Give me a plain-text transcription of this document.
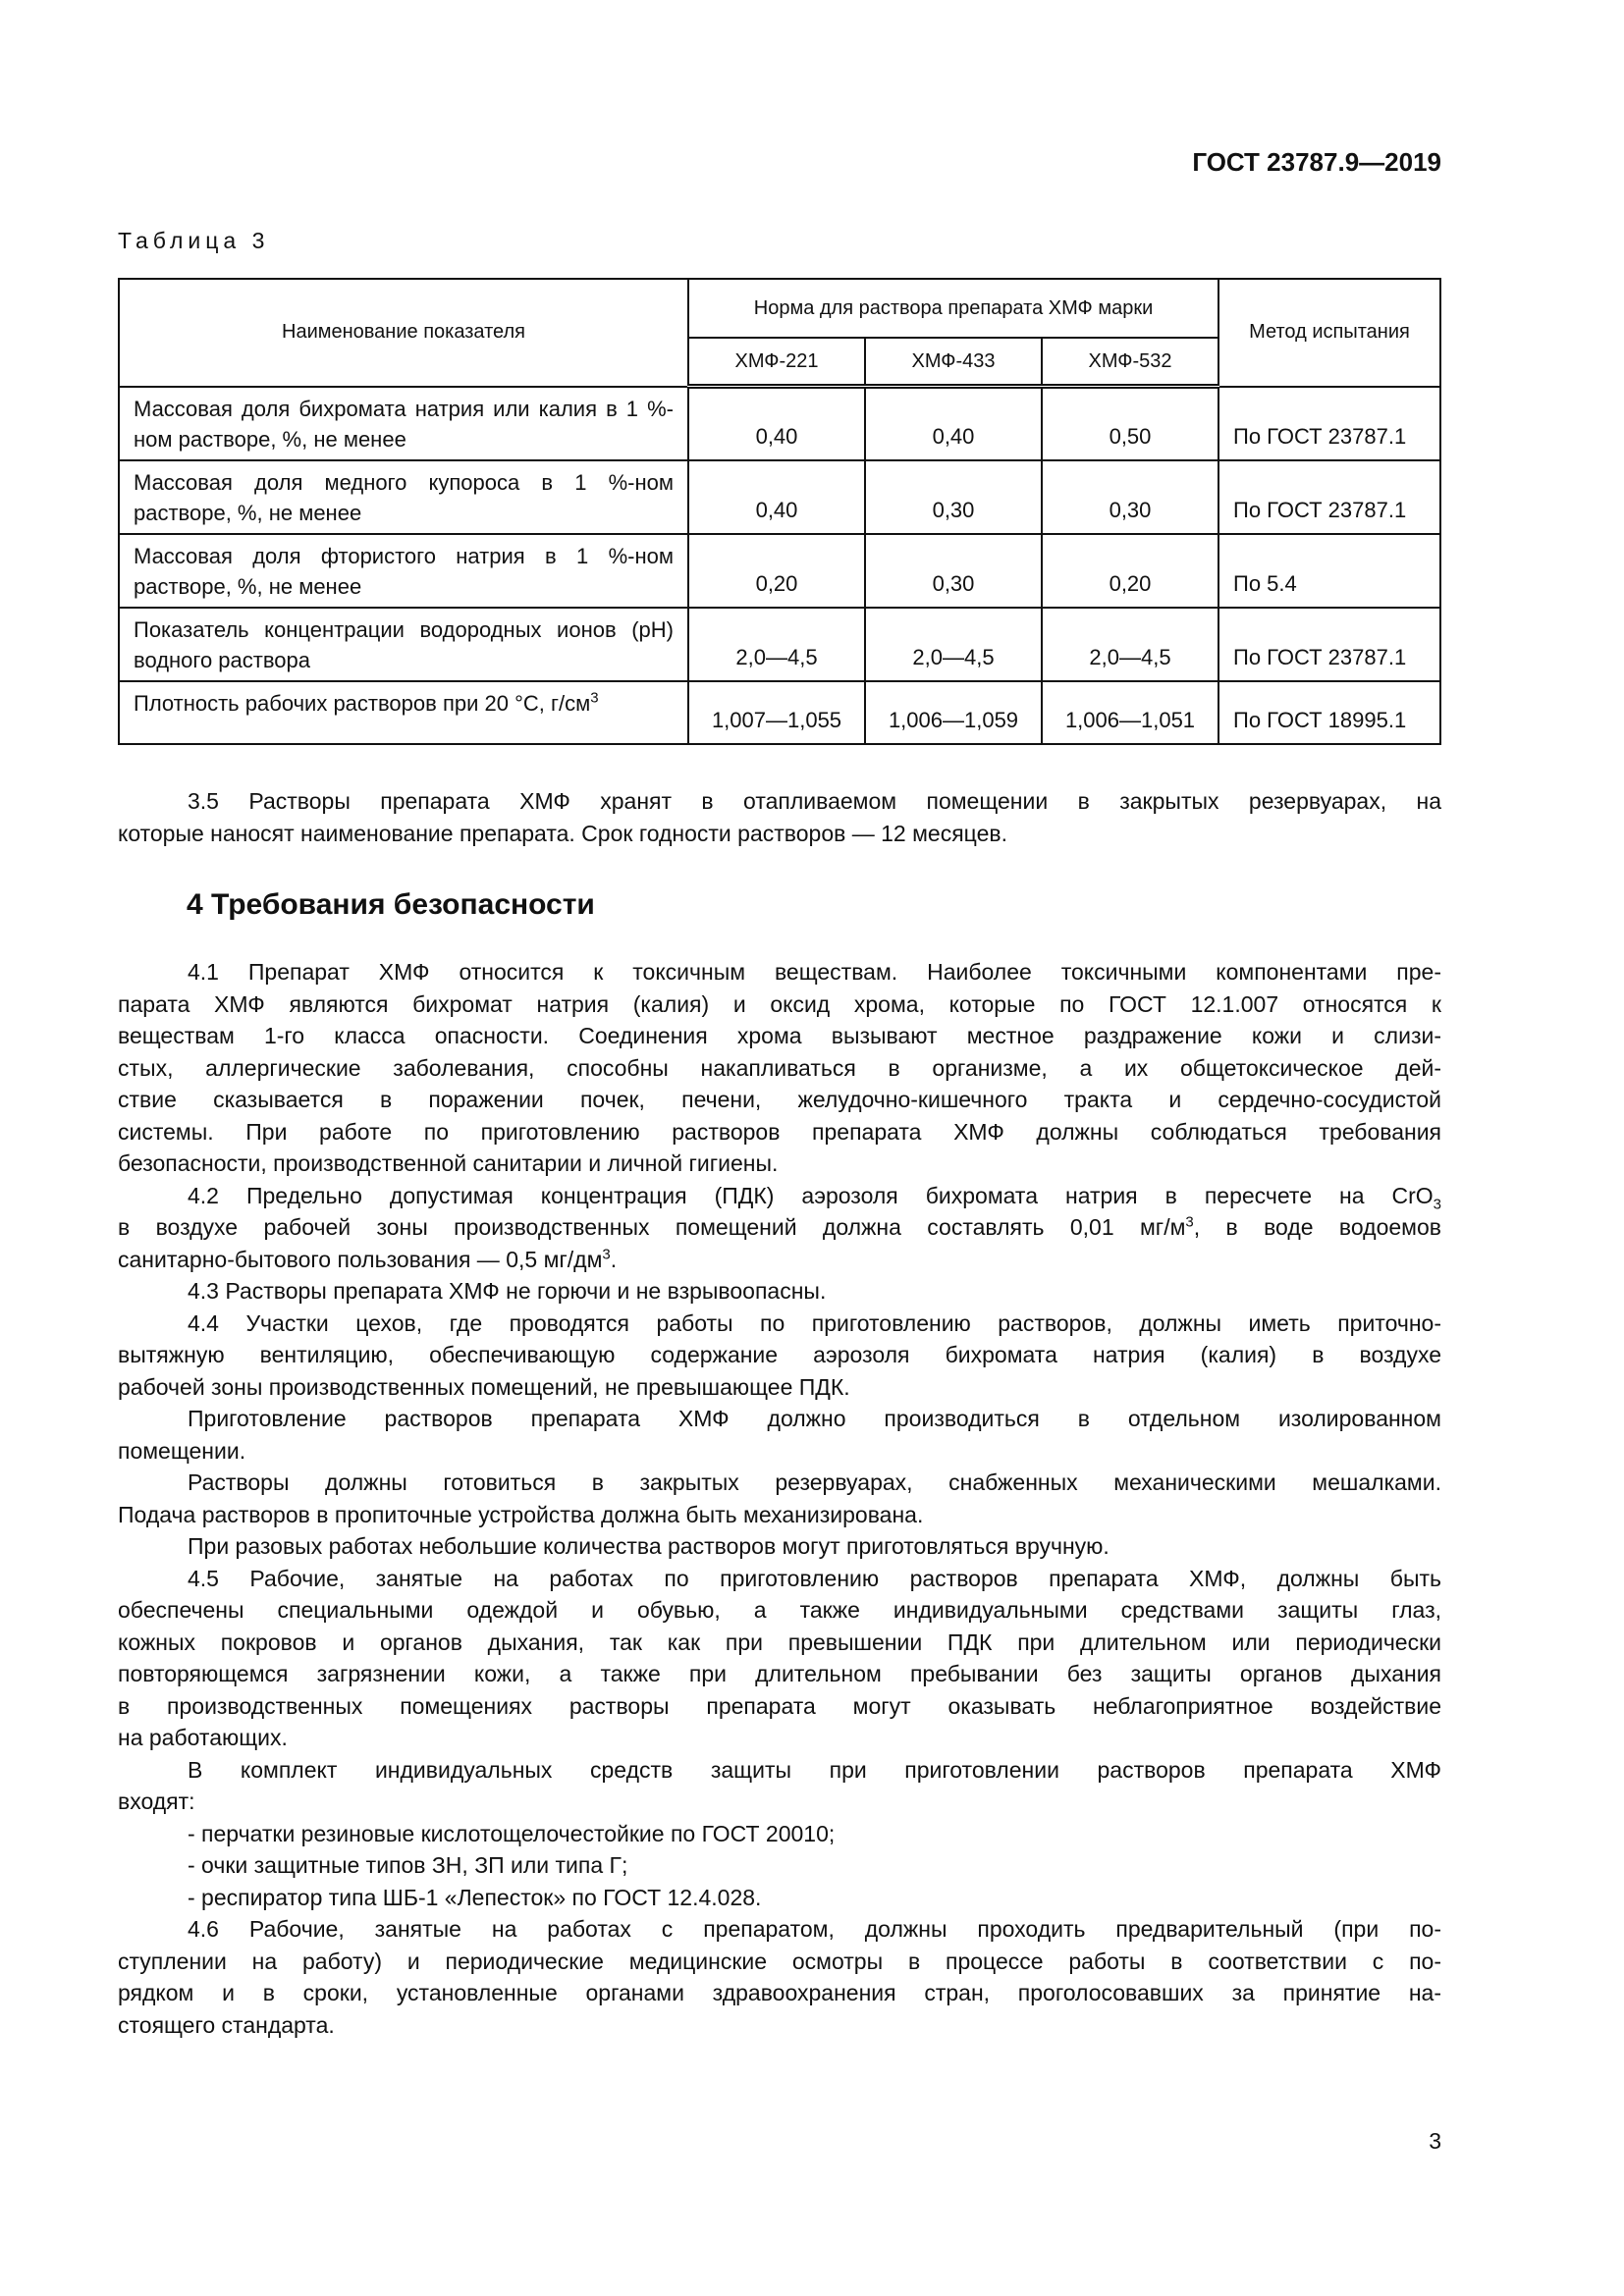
ГОСТ 23787.9—2019
Таблица 3
Наименование показателя	Норма для раствора препарата ХМФ марки			Метод испытания
	ХМФ-221	ХМФ-433	ХМФ-532	
Массовая доля бихромата натрия или калия в 1 %-ном растворе, %, не менее	0,40	0,40	0,50	По ГОСТ 23787.1
Массовая доля медного купороса в 1 %-ном растворе, %, не менее	0,40	0,30	0,30	По ГОСТ 23787.1
Массовая доля фтористого натрия в 1 %-ном растворе, %, не менее	0,20	0,30	0,20	По 5.4
Показатель концентрации водородных ионов (pH) водного раствора	2,0—4,5	2,0—4,5	2,0—4,5	По ГОСТ 23787.1
Плотность рабочих растворов при 20 °С, $г/см^3$	1,007—1,055	1,006—1,059	1,006—1,051	По ГОСТ 18995.1
3.5 Растворы препарата ХМФ хранят в отапливаемом помещении в закрытых резервуарах, на
которые наносят наименование препарата. Срок годности растворов — 12 месяцев.
4 Требования безопасности
4.1 Препарат ХМФ относится к токсичным веществам. Наиболее токсичными компонентами пре-
парата ХМФ являются бихромат натрия (калия) и оксид хрома, которые по ГОСТ 12.1.007 относятся к
веществам 1-го класса опасности. Соединения хрома вызывают местное раздражение кожи и слизи-
стых, аллергические заболевания, способны накапливаться в организме, а их общетоксическое дей-
ствие сказывается в поражении почек, печени, желудочно-кишечного тракта и сердечно-сосудистой
системы. При работе по приготовлению растворов препарата ХМФ должны соблюдаться требования
безопасности, производственной санитарии и личной гигиены.
4.2 Предельно допустимая концентрация (ПДК) аэрозоля бихромата натрия в пересчете на CrO$_3$
в воздухе рабочей зоны производственных помещений должна составлять 0,01 $мг/м^3$, в воде водоемов
санитарно-бытового пользования — 0,5 $мг/дм^3$.
4.3 Растворы препарата ХМФ не горючи и не взрывоопасны.
4.4 Участки цехов, где проводятся работы по приготовлению растворов, должны иметь приточно-
вытяжную вентиляцию, обеспечивающую содержание аэрозоля бихромата натрия (калия) в воздухе
рабочей зоны производственных помещений, не превышающее ПДК.
Приготовление растворов препарата ХМФ должно производиться в отдельном изолированном
помещении.
Растворы должны готовиться в закрытых резервуарах, снабженных механическими мешалками.
Подача растворов в пропиточные устройства должна быть механизирована.
При разовых работах небольшие количества растворов могут приготовляться вручную.
4.5 Рабочие, занятые на работах по приготовлению растворов препарата ХМФ, должны быть
обеспечены специальными одеждой и обувью, а также индивидуальными средствами защиты глаз,
кожных покровов и органов дыхания, так как при превышении ПДК при длительном или периодически
повторяющемся загрязнении кожи, а также при длительном пребывании без защиты органов дыхания
в производственных помещениях растворы препарата могут оказывать неблагоприятное воздействие
на работающих.
В комплект индивидуальных средств защиты при приготовлении растворов препарата ХМФ
входят:
- перчатки резиновые кислотощелочестойкие по ГОСТ 20010;
- очки защитные типов ЗН, ЗП или типа Г;
- респиратор типа ШБ-1 «Лепесток» по ГОСТ 12.4.028.
4.6 Рабочие, занятые на работах с препаратом, должны проходить предварительный (при по-
ступлении на работу) и периодические медицинские осмотры в процессе работы в соответствии с по-
рядком и в сроки, установленные органами здравоохранения стран, проголосовавших за принятие на-
стоящего стандарта.
3
